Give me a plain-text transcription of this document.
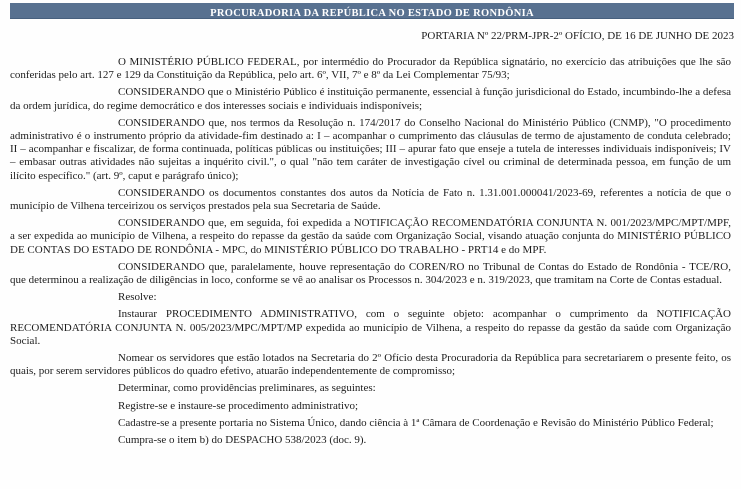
PROCURADORIA DA REPÚBLICA NO ESTADO DE RONDÔNIA
PORTARIA Nº 22/PRM-JPR-2º OFÍCIO, DE 16 DE JUNHO DE 2023

O MINISTÉRIO PÚBLICO FEDERAL, por intermédio do Procurador da República signatário, no exercício das atribuições que lhe são conferidas pelo art. 127 e 129 da Constituição da República, pelo art. 6º, VII, 7º e 8º da Lei Complementar 75/93;

CONSIDERANDO que o Ministério Público é instituição permanente, essencial à função jurisdicional do Estado, incumbindo-lhe a defesa da ordem jurídica, do regime democrático e dos interesses sociais e individuais indisponíveis;

CONSIDERANDO que, nos termos da Resolução n. 174/2017 do Conselho Nacional do Ministério Público (CNMP), "O procedimento administrativo é o instrumento próprio da atividade-fim destinado a: I – acompanhar o cumprimento das cláusulas de termo de ajustamento de conduta celebrado; II – acompanhar e fiscalizar, de forma continuada, políticas públicas ou instituições; III – apurar fato que enseje a tutela de interesses individuais indisponíveis; IV – embasar outras atividades não sujeitas a inquérito civil.", o qual "não tem caráter de investigação cível ou criminal de determinada pessoa, em função de um ilícito específico." (art. 9º, caput e parágrafo único);

CONSIDERANDO os documentos constantes dos autos da Notícia de Fato n. 1.31.001.000041/2023-69, referentes a notícia de que o município de Vilhena terceirizou os serviços prestados pela sua Secretaria de Saúde.

CONSIDERANDO que, em seguida, foi expedida a NOTIFICAÇÃO RECOMENDATÓRIA CONJUNTA N. 001/2023/MPC/MPT/MPF, a ser expedida ao município de Vilhena, a respeito do repasse da gestão da saúde com Organização Social, visando atuação conjunta do MINISTÉRIO PÚBLICO DE CONTAS DO ESTADO DE RONDÔNIA - MPC, do MINISTÉRIO PÚBLICO DO TRABALHO - PRT14 e do MPF.

CONSIDERANDO que, paralelamente, houve representação do COREN/RO no Tribunal de Contas do Estado de Rondônia - TCE/RO, que determinou a realização de diligências in loco, conforme se vê ao analisar os Processos n. 304/2023 e n. 319/2023, que tramitam na Corte de Contas estadual.

Resolve:

Instaurar PROCEDIMENTO ADMINISTRATIVO, com o seguinte objeto: acompanhar o cumprimento da NOTIFICAÇÃO RECOMENDATÓRIA CONJUNTA N. 005/2023/MPC/MPT/MP expedida ao município de Vilhena, a respeito do repasse da gestão da saúde com Organização Social.

Nomear os servidores que estão lotados na Secretaria do 2º Ofício desta Procuradoria da República para secretariarem o presente feito, os quais, por serem servidores públicos do quadro efetivo, atuarão independentemente de compromisso;

Determinar, como providências preliminares, as seguintes:

Registre-se e instaure-se procedimento administrativo;

Cadastre-se a presente portaria no Sistema Único, dando ciência à 1ª Câmara de Coordenação e Revisão do Ministério Público Federal;

Cumpra-se o item b) do DESPACHO 538/2023 (doc. 9).
